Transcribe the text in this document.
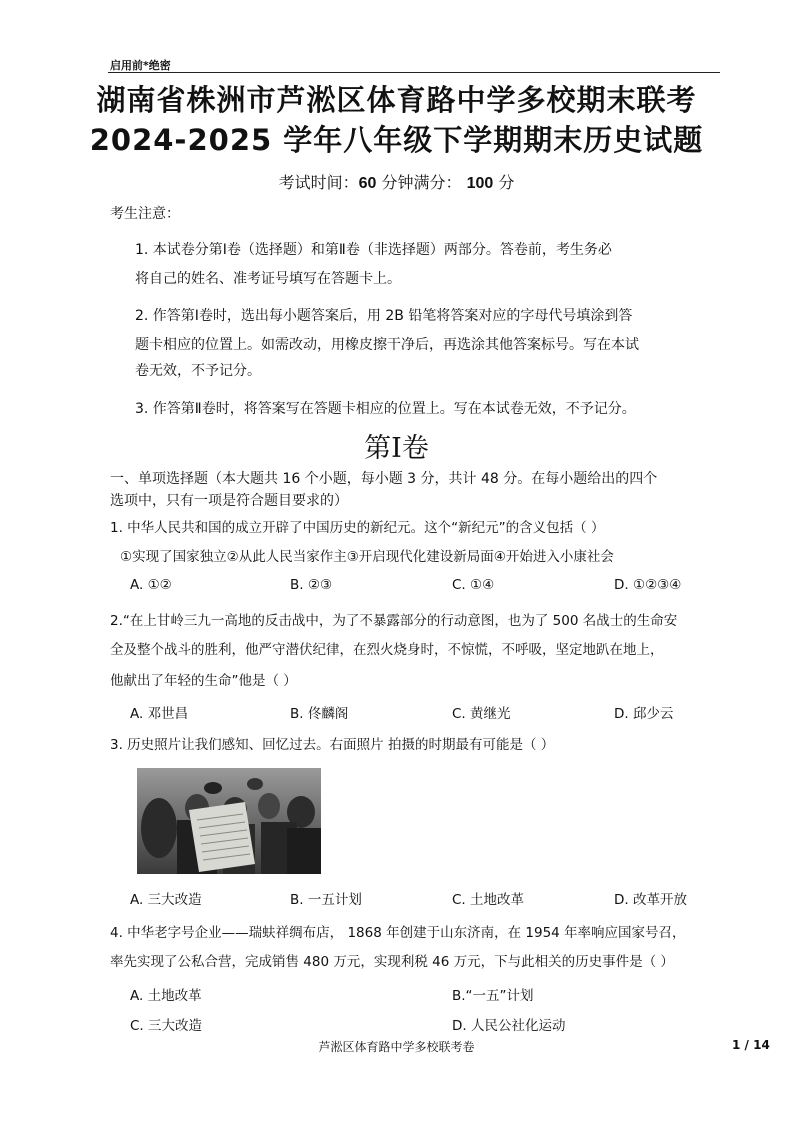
启用前*绝密
湖南省株洲市芦淞区体育路中学多校期末联考
2024-2025 学年八年级下学期期末历史试题
考试时间：60 分钟满分： 100 分
考生注意：
1. 本试卷分第Ⅰ卷（选择题）和第Ⅱ卷（非选择题）两部分。答卷前，考生务必
将自己的姓名、准考证号填写在答题卡上。
2. 作答第Ⅰ卷时，选出每小题答案后，用 2B 铅笔将答案对应的字母代号填涂到答
题卡相应的位置上。如需改动，用橡皮擦干净后，再选涂其他答案标号。写在本试
卷无效，不予记分。
3. 作答第Ⅱ卷时，将答案写在答题卡相应的位置上。写在本试卷无效，不予记分。
第Ⅰ卷
一、单项选择题（本大题共 16 个小题，每小题 3 分，共计 48 分。在每小题给出的四个
选项中，只有一项是符合题目要求的）
1. 中华人民共和国的成立开辟了中国历史的新纪元。这个“新纪元”的含义包括（ ）
①实现了国家独立②从此人民当家作主③开启现代化建设新局面④开始进入小康社会
A. ①②	B. ②③	C. ①④	D. ①②③④
2.“在上甘岭三九一高地的反击战中，为了不暴露部分的行动意图，也为了 500 名战士的生命安
全及整个战斗的胜利，他严守潜伏纪律，在烈火烧身时，不惊慌，不呼吸，坚定地趴在地上，
他献出了年轻的生命”他是（ ）
A. 邓世昌	B. 佟麟阁	C. 黄继光	D. 邱少云
3. 历史照片让我们感知、回忆过去。右面照片 拍摄的时期最有可能是（ ）
A. 三大改造	B. 一五计划	C. 土地改革	D. 改革开放
4. 中华老字号企业——瑞蚨祥绸布店， 1868 年创建于山东济南，在 1954 年率响应国家号召，
率先实现了公私合营，完成销售 480 万元，实现利税 46 万元，下与此相关的历史事件是（ ）
A. 土地改革	B.“一五”计划
C. 三大改造	D. 人民公社化运动
芦淞区体育路中学多校联考卷	1 / 14
